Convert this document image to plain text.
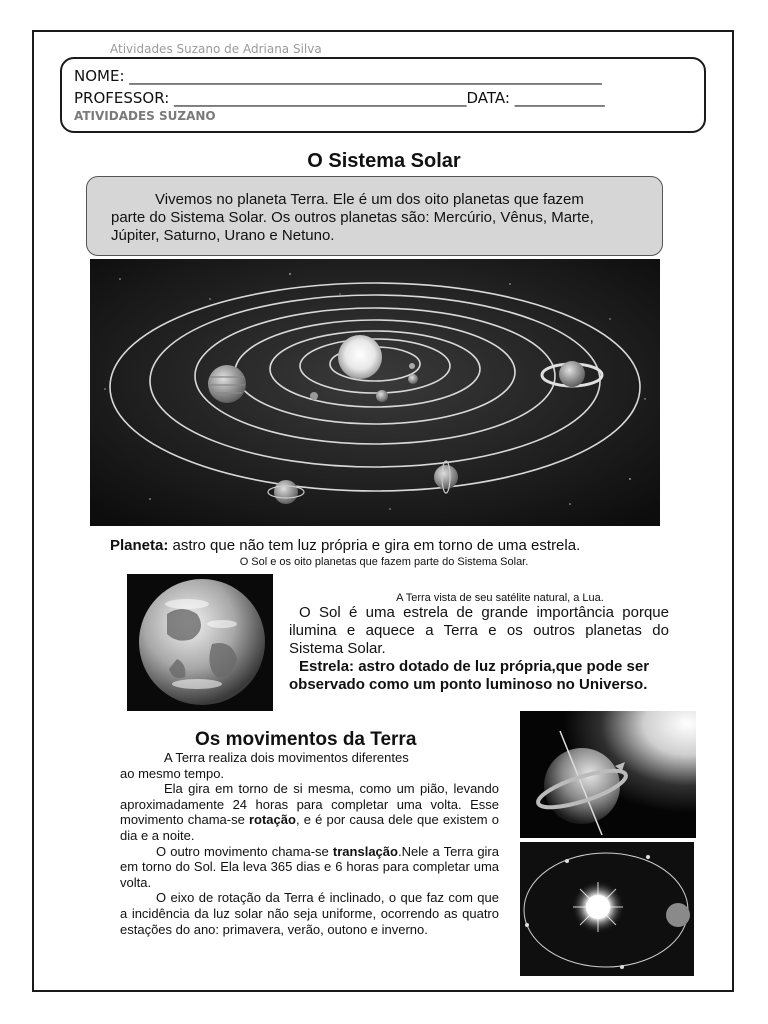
Atividades Suzano de Adriana Silva
NOME: _______________________________________________________________
PROFESSOR: _______________________________________DATA: ____________
ATIVIDADES SUZANO
O Sistema Solar
Vivemos no planeta Terra. Ele é um dos oito planetas que fazem
parte do Sistema Solar. Os outros planetas são: Mercúrio, Vênus, Marte,
Júpiter, Saturno, Urano e Netuno.
Planeta: astro que não tem luz própria e gira em torno de uma estrela.
O Sol e os oito planetas que fazem parte do Sistema Solar.
A Terra vista de seu satélite natural, a Lua.
O Sol é uma estrela de grande importância porque ilumina e aquece a Terra e os outros planetas do Sistema Solar.
Estrela: astro dotado de luz própria,que pode ser observado como um ponto luminoso no Universo.
Os movimentos da Terra

A Terra realiza dois movimentos diferentes

ao mesmo tempo.

Ela gira em torno de si mesma, como um pião, levando aproximadamente 24 horas para completar uma volta. Esse movimento chama-se rotação, e é por causa dele que existem o dia e a noite.

O outro movimento chama-se translação.Nele a Terra gira em torno do Sol. Ela leva 365 dias e 6 horas para completar uma volta.

O eixo de rotação da Terra é inclinado, o que faz com que a incidência da luz solar não seja uniforme, ocorrendo as quatro estações do ano: primavera, verão, outono e inverno.
